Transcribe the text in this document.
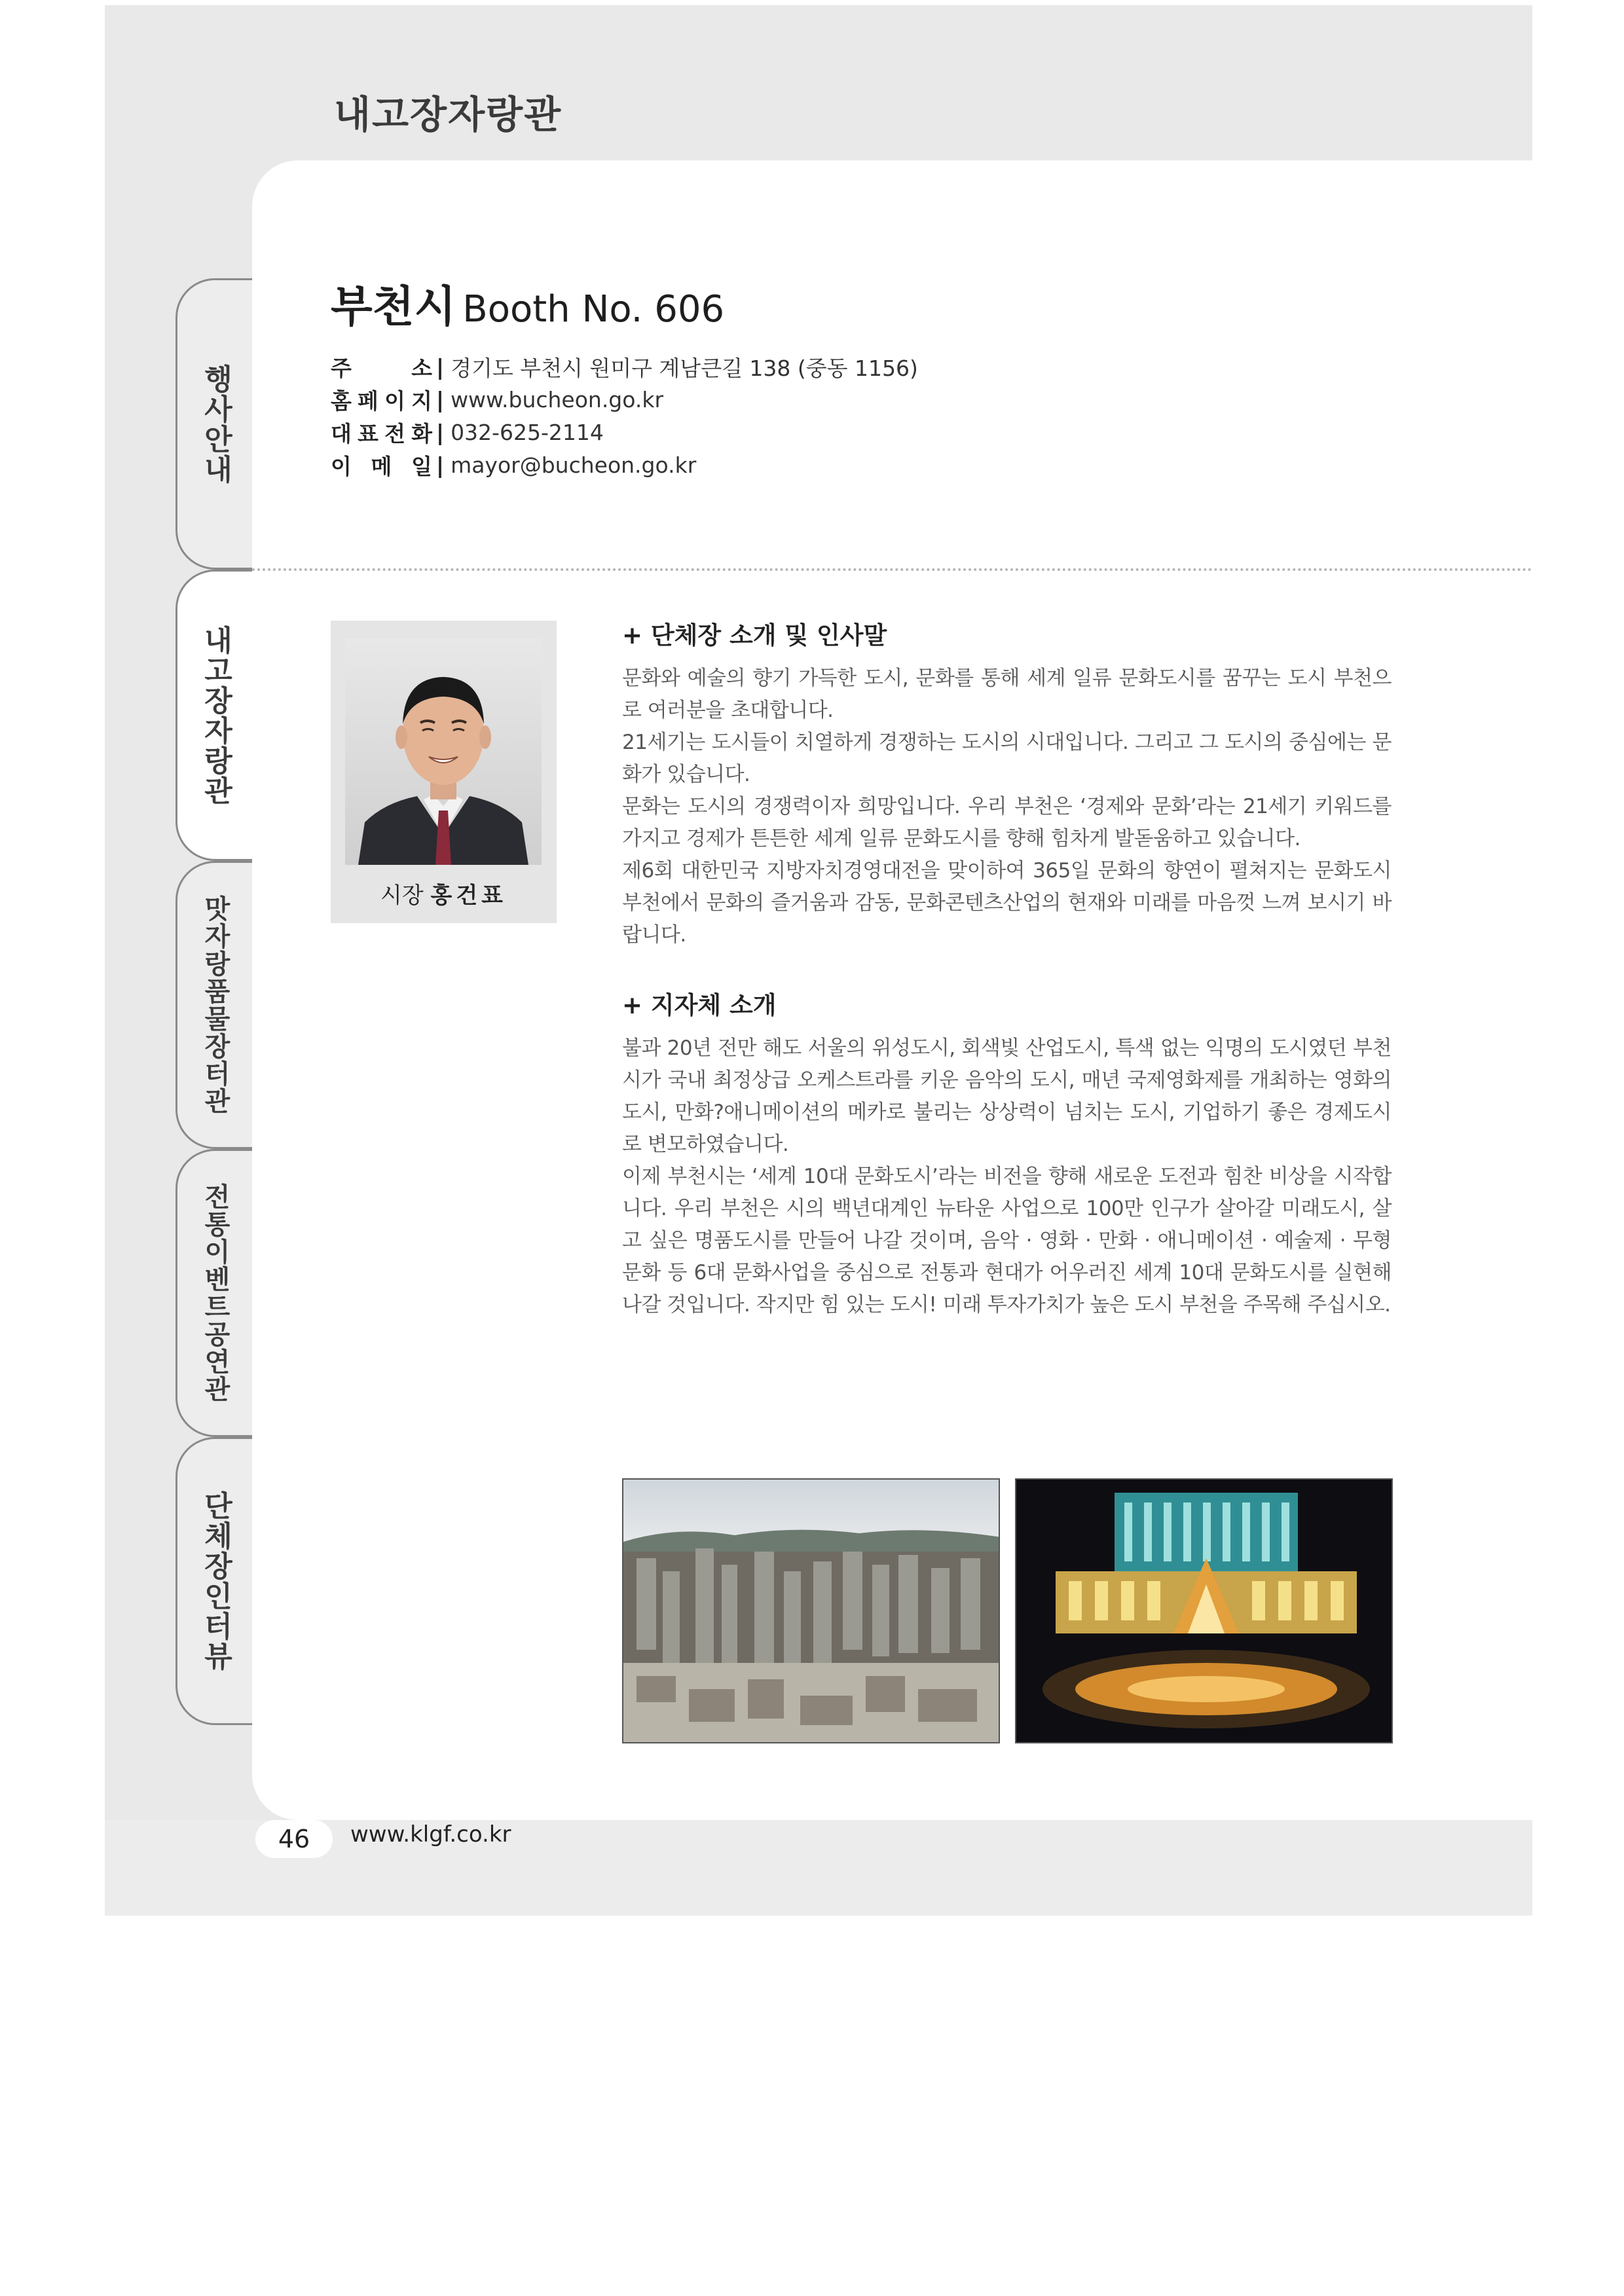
내고장자랑관
행사안내
내고장자랑관
맛자랑품물장터관
전통이벤트공연관
단체장인터뷰
부천시 Booth No. 606
주	소 | 경기도 부천시 원미구 계남큰길 138 (중동 1156)
홈 페 이 지 | www.bucheon.go.kr
대 표 전 화 | 032-625-2114
이 메 일 | mayor@bucheon.go.kr
시장 홍건표
+ 단체장 소개 및 인사말

문화와 예술의 향기 가득한 도시, 문화를 통해 세계 일류 문화도시를 꿈꾸는 도시 부천으로 여러분을 초대합니다.

21세기는 도시들이 치열하게 경쟁하는 도시의 시대입니다. 그리고 그 도시의 중심에는 문화가 있습니다.

문화는 도시의 경쟁력이자 희망입니다. 우리 부천은 ‘경제와 문화’라는 21세기 키워드를 가지고 경제가 튼튼한 세계 일류 문화도시를 향해 힘차게 발돋움하고 있습니다.

제6회 대한민국 지방자치경영대전을 맞이하여 365일 문화의 향연이 펼쳐지는 문화도시 부천에서 문화의 즐거움과 감동, 문화콘텐츠산업의 현재와 미래를 마음껏 느껴 보시기 바랍니다.

+ 지자체 소개

불과 20년 전만 해도 서울의 위성도시, 회색빛 산업도시, 특색 없는 익명의 도시였던 부천시가 국내 최정상급 오케스트라를 키운 음악의 도시, 매년 국제영화제를 개최하는 영화의 도시, 만화?애니메이션의 메카로 불리는 상상력이 넘치는 도시, 기업하기 좋은 경제도시로 변모하였습니다.

이제 부천시는 ‘세계 10대 문화도시’라는 비전을 향해 새로운 도전과 힘찬 비상을 시작합니다. 우리 부천은 시의 백년대계인 뉴타운 사업으로 100만 인구가 살아갈 미래도시, 살고 싶은 명품도시를 만들어 나갈 것이며, 음악 · 영화 · 만화 · 애니메이션 · 예술제 · 무형문화 등 6대 문화사업을 중심으로 전통과 현대가 어우러진 세계 10대 문화도시를 실현해 나갈 것입니다. 작지만 힘 있는 도시! 미래 투자가치가 높은 도시 부천을 주목해 주십시오.

46	www.klgf.co.kr
